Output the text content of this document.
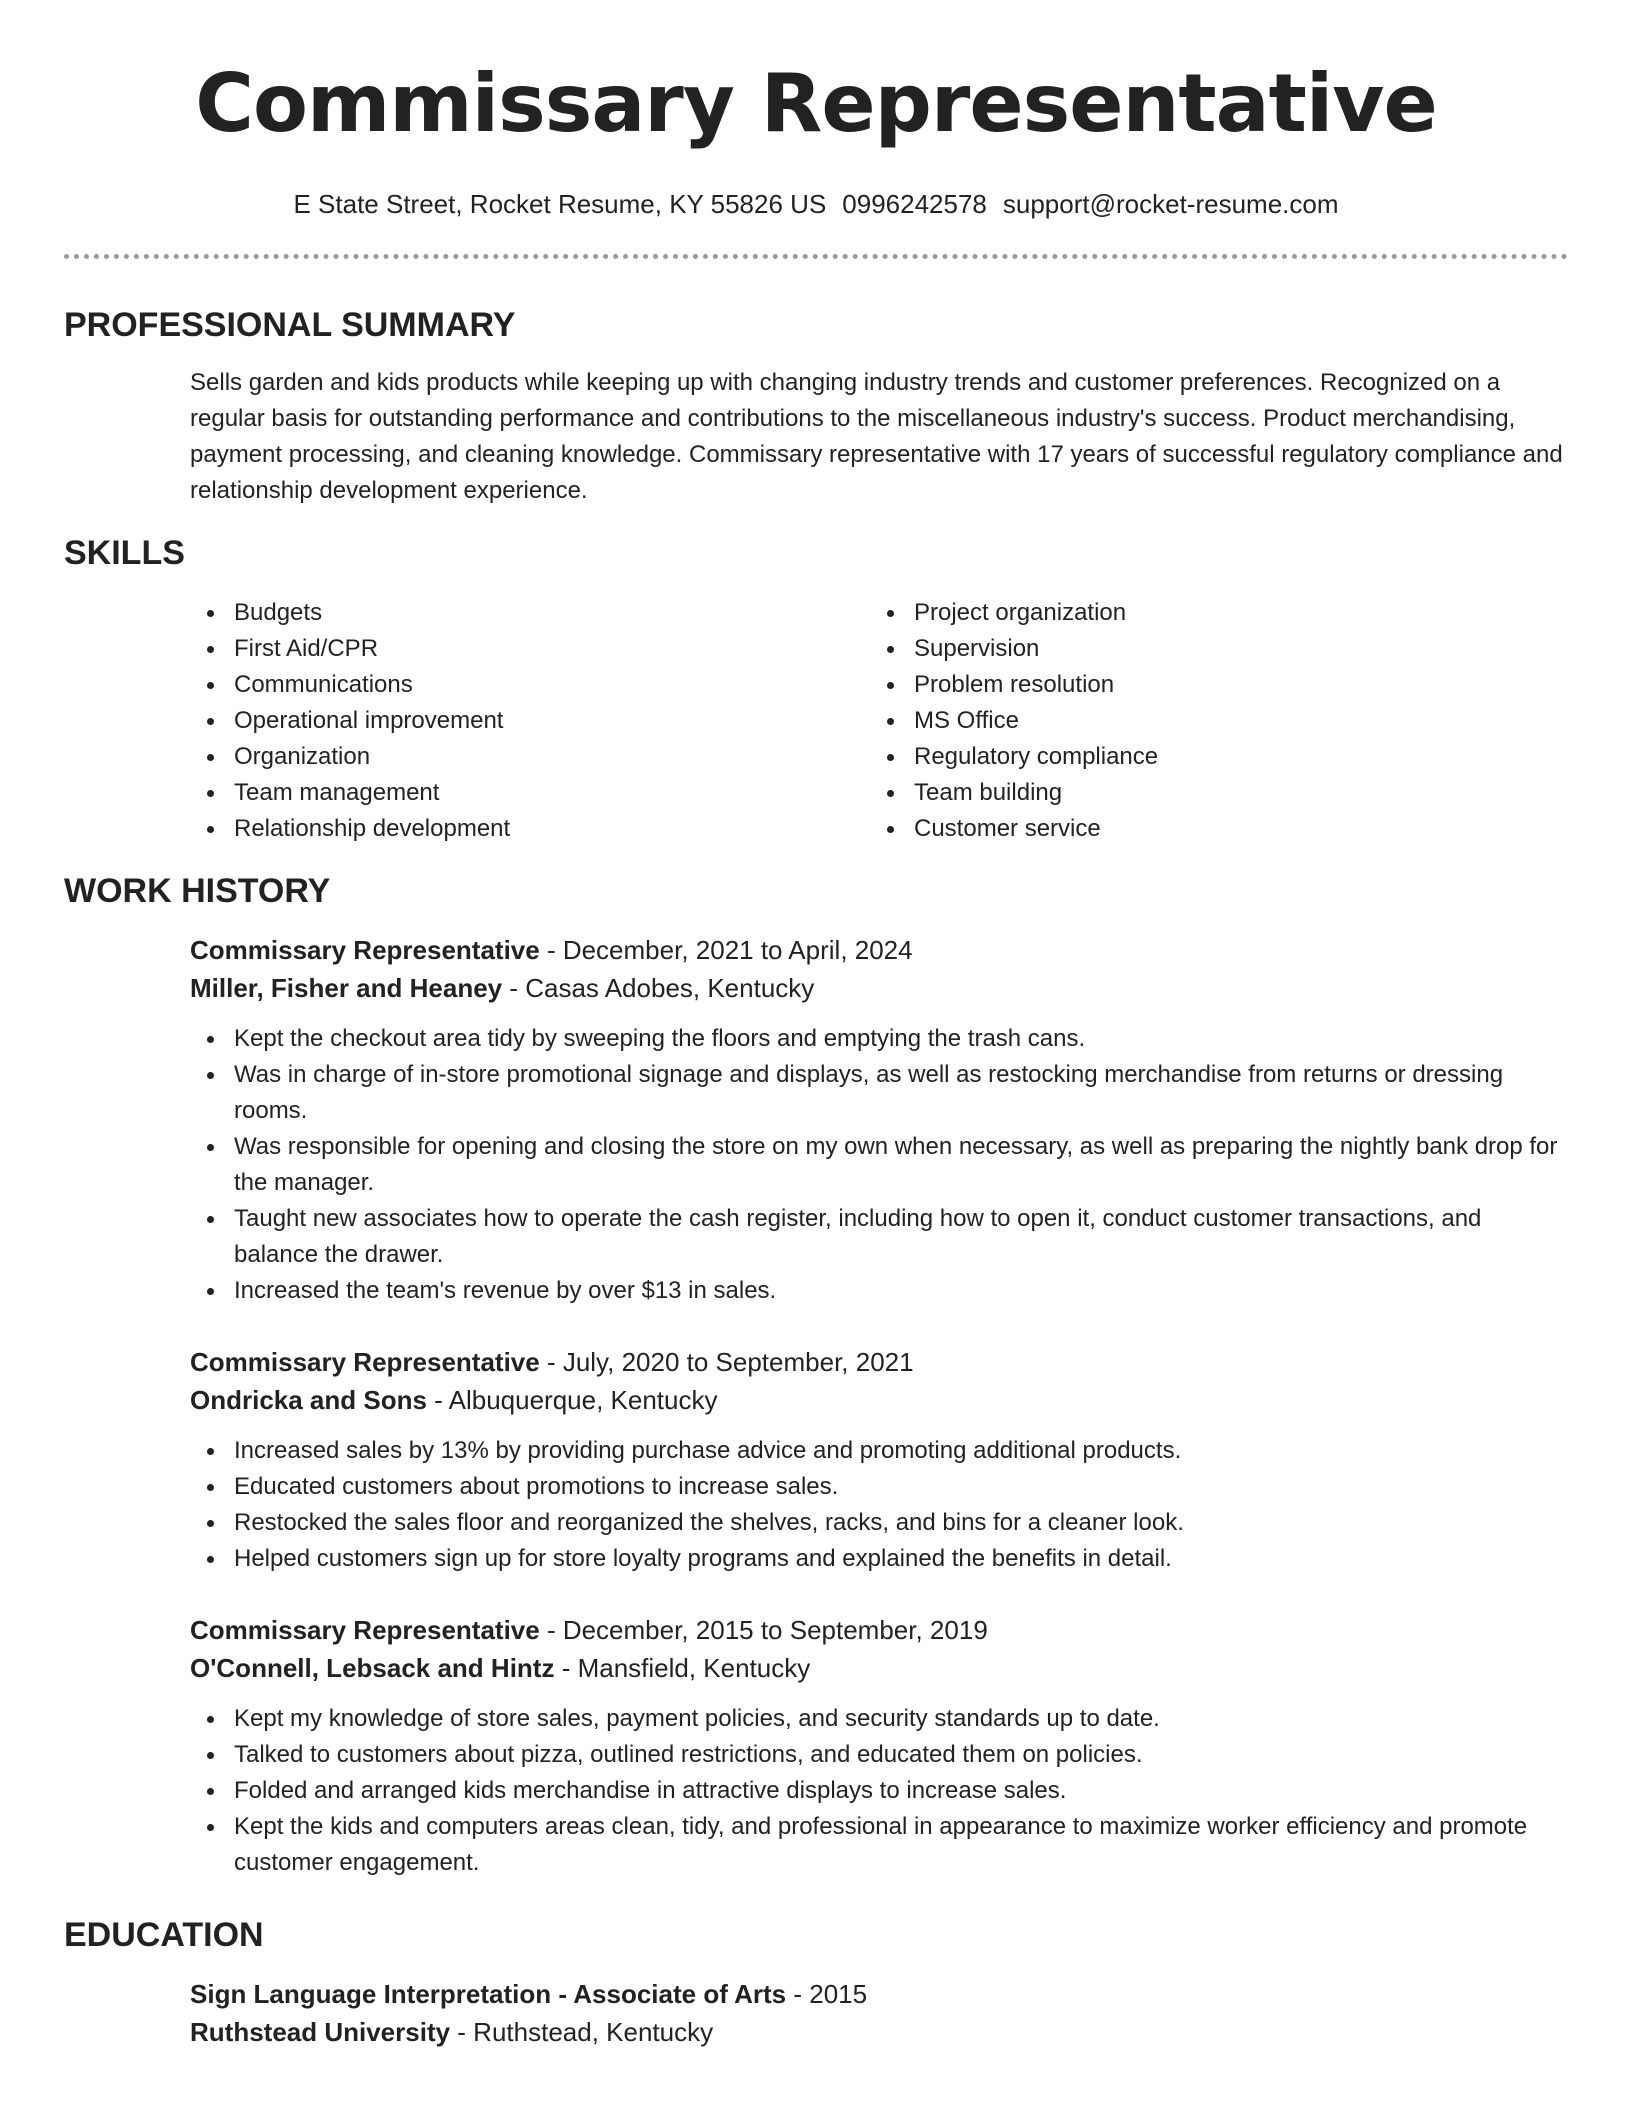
Commissary Representative
E State Street, Rocket Resume, KY 55826 US 0996242578 support@rocket-resume.com
PROFESSIONAL SUMMARY
Sells garden and kids products while keeping up with changing industry trends and customer preferences. Recognized on a regular basis for outstanding performance and contributions to the miscellaneous industry's success. Product merchandising, payment processing, and cleaning knowledge. Commissary representative with 17 years of successful regulatory compliance and relationship development experience.
SKILLS
Budgets
First Aid/CPR
Communications
Operational improvement
Organization
Team management
Relationship development
Project organization
Supervision
Problem resolution
MS Office
Regulatory compliance
Team building
Customer service
WORK HISTORY
Commissary Representative - December, 2021 to April, 2024
Miller, Fisher and Heaney - Casas Adobes, Kentucky
Kept the checkout area tidy by sweeping the floors and emptying the trash cans.
Was in charge of in-store promotional signage and displays, as well as restocking merchandise from returns or dressing rooms.
Was responsible for opening and closing the store on my own when necessary, as well as preparing the nightly bank drop for the manager.
Taught new associates how to operate the cash register, including how to open it, conduct customer transactions, and balance the drawer.
Increased the team's revenue by over $13 in sales.
Commissary Representative - July, 2020 to September, 2021
Ondricka and Sons - Albuquerque, Kentucky
Increased sales by 13% by providing purchase advice and promoting additional products.
Educated customers about promotions to increase sales.
Restocked the sales floor and reorganized the shelves, racks, and bins for a cleaner look.
Helped customers sign up for store loyalty programs and explained the benefits in detail.
Commissary Representative - December, 2015 to September, 2019
O'Connell, Lebsack and Hintz - Mansfield, Kentucky
Kept my knowledge of store sales, payment policies, and security standards up to date.
Talked to customers about pizza, outlined restrictions, and educated them on policies.
Folded and arranged kids merchandise in attractive displays to increase sales.
Kept the kids and computers areas clean, tidy, and professional in appearance to maximize worker efficiency and promote customer engagement.
EDUCATION
Sign Language Interpretation - Associate of Arts - 2015
Ruthstead University - Ruthstead, Kentucky
